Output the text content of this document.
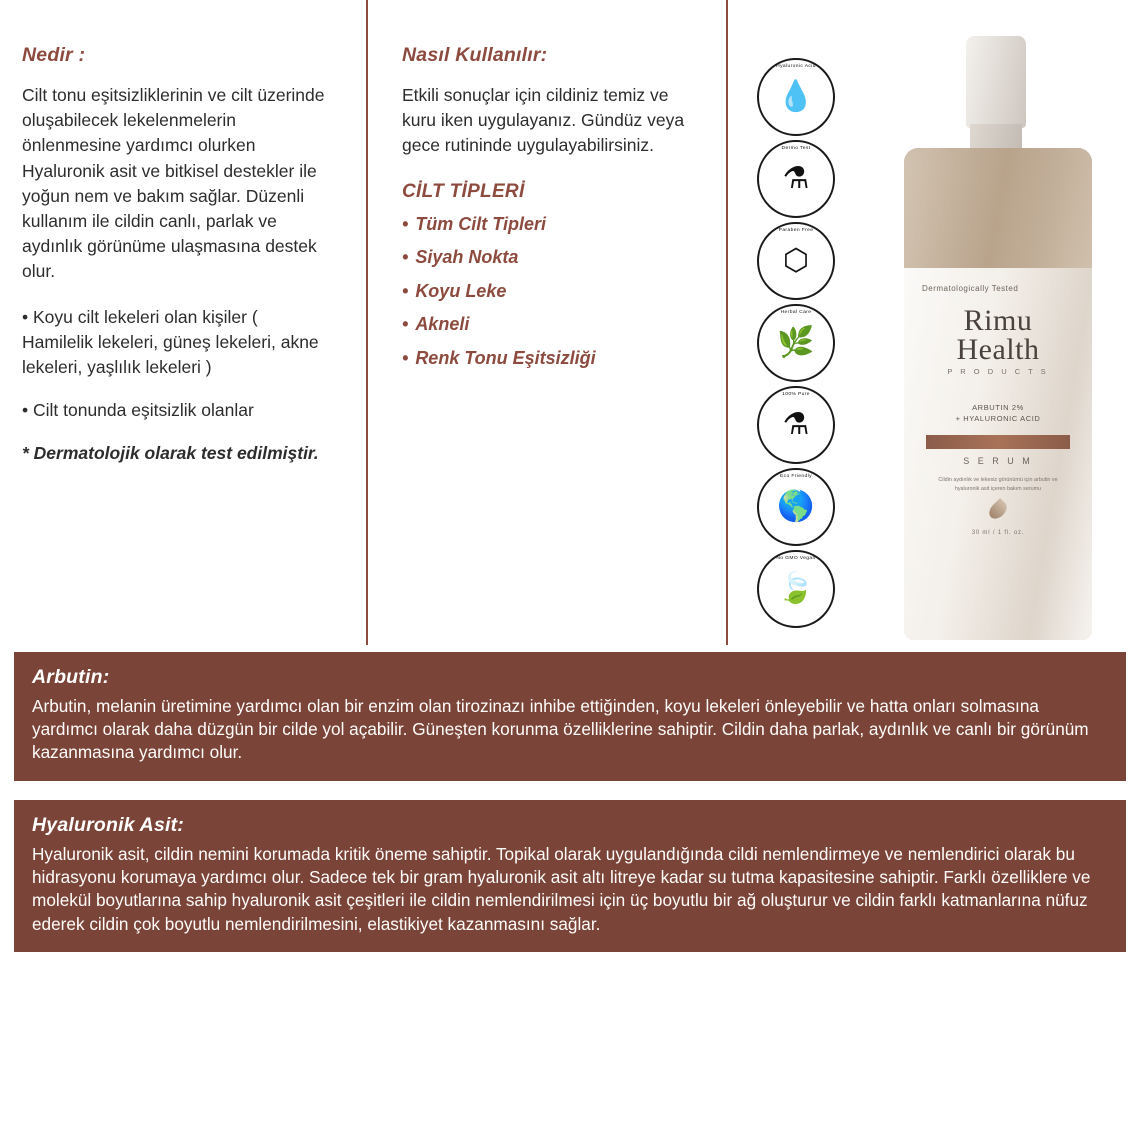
Nedir :

Cilt tonu eşitsizliklerinin ve cilt üzerinde oluşabilecek lekelenmelerin önlenmesine yardımcı olurken Hyaluronik asit ve bitkisel destekler ile yoğun nem ve bakım sağlar. Düzenli kullanım ile cildin canlı, parlak ve aydınlık görünüme ulaşmasına destek olur.

• Koyu cilt lekeleri olan kişiler ( Hamilelik lekeleri, güneş lekeleri, akne lekeleri, yaşlılık lekeleri )

• Cilt tonunda eşitsizlik olanlar

* Dermatolojik olarak test edilmiştir.

Nasıl Kullanılır:

Etkili sonuçlar için cildiniz temiz ve kuru iken uygulayanız. Gündüz veya gece rutininde uygulayabilirsiniz.

CİLT TİPLERİ
• Tüm Cilt Tipleri
• Siyah Nokta
• Koyu Leke
• Akneli
• Renk Tonu Eşitsizliği
Hyaluronic Acid
💧
Dermo Test
⚗
Paraben Free
⬡
Herbal Care
🌿
100% Pure
⚗
Eco Friendly
🌎
No GMO Vegan
🍃
Dermatologically Tested
Rimu
Health
P R O D U C T S
ARBUTIN 2%
+ HYALURONIC ACID
S E R U M
Cildin aydınlık ve lekesiz görünümü için arbutin ve hyaluronik asit içeren bakım serumu
30 ml / 1 fl. oz.
Arbutin:

Arbutin, melanin üretimine yardımcı olan bir enzim olan tirozinazı inhibe ettiğinden, koyu lekeleri önleyebilir ve hatta onları solmasına yardımcı olarak daha düzgün bir cilde yol açabilir. Güneşten korunma özelliklerine sahiptir. Cildin daha parlak, aydınlık ve canlı bir görünüm kazanmasına yardımcı olur.

Hyaluronik Asit:

Hyaluronik asit, cildin nemini korumada kritik öneme sahiptir. Topikal olarak uygulandığında cildi nemlendirmeye ve nemlendirici olarak bu hidrasyonu korumaya yardımcı olur. Sadece tek bir gram hyaluronik asit altı litreye kadar su tutma kapasitesine sahiptir. Farklı özelliklere ve molekül boyutlarına sahip hyaluronik asit çeşitleri ile cildin nemlendirilmesi için üç boyutlu bir ağ oluşturur ve cildin farklı katmanlarına nüfuz ederek cildin çok boyutlu nemlendirilmesini, elastikiyet kazanmasını sağlar.
